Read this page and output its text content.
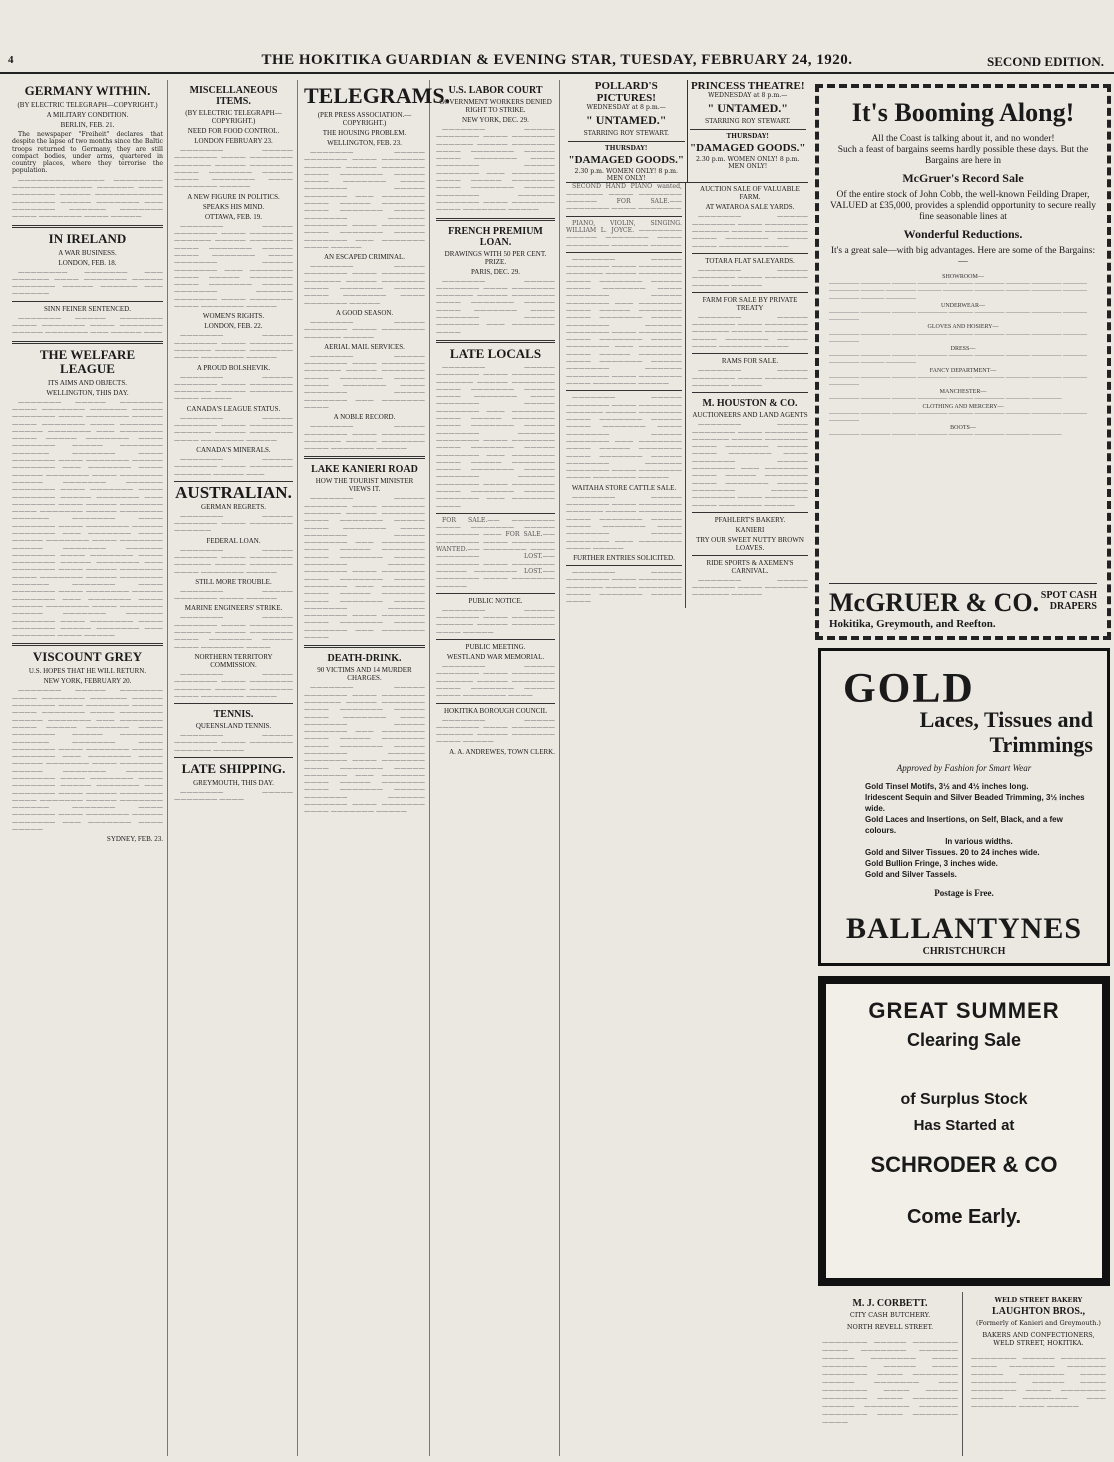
4	THE HOKITIKA GUARDIAN & EVENING STAR, TUESDAY, FEBRUARY 24, 1920.	SECOND EDITION.
GERMANY WITHIN.
(BY ELECTRIC TELEGRAPH—COPYRIGHT.)
A MILITARY CONDITION.
BERLIN, FEB. 21.

The newspaper "Freiheit" declares that despite the lapse of two months since the Baltic troops returned to Germany, they are still compact bodies, under arms, quartered in country places, where they terrorise the population.

—————————————— ———————— ————————————— —————— ———— ——————— ————— ——————————— ——————— ————— ——————— ——— ——————— —————— ——————— ———— ——————— ———— —————

IN IRELAND
A WAR BUSINESS.
LONDON, FEB. 18.

———————— ——————— ——— —————— ———— ——————— ————— ——————— ————— —————— ——— ——————

SINN FEINER SENTENCED.

——————— ————— ——————— ———— ——————— ———— ——————— ————— ——————— ——— ————— ———

THE WELFARE LEAGUE
ITS AIMS AND OBJECTS.
WELLINGTON, THIS DAY.

——————— ————— ——————— ———— ——————— —————— ————— ——————— ———— ——————— ————— ———— ——————— ———— ——————— ————— ——————— ——— ——————— ———— ————— ——————— ———— ——————— ————— ——————— —————— ——————— ———— ——————— ———— ——————— ————— ——————— ——— ——————— ———— ————— ——————— ———— ——————— ————— ——————— —————— ——————— ———— ——————— ———— ——————— ————— ——————— ——— ——————— ———— ————— ——————— ———— ——————— ————— ——————— —————— ——————— ———— ——————— ———— ——————— ————— ——————— ——— ——————— ———— ————— ——————— ———— ——————— ————— ——————— —————— ——————— ———— ——————— ———— ——————— ————— ——————— ——— ——————— ———— ————— ——————— ———— ——————— ————— ——————— —————— ——————— ———— ——————— ———— ——————— ————— ——————— ——— ——————— ———— ————— ——————— ———— ——————— ————— ——————— —————— ——————— ———— ——————— ———— ——————— ————— ——————— ——— ——————— ———— —————

VISCOUNT GREY
U.S. HOPES THAT HE WILL RETURN.
NEW YORK, FEBRUARY 20.

——————— ————— ——————— ———— ——————— —————— ————— ——————— ———— ——————— ————— ———— ——————— ———— ——————— ————— ——————— ——— ——————— ———— ————— ——————— ———— ——————— ————— ——————— —————— ——————— ———— ——————— ———— ——————— ————— ——————— ——— ——————— ———— ————— ——————— ———— ——————— ————— ——————— —————— ——————— ———— ——————— ———— ——————— ————— ——————— ——— ——————— ———— ————— ——————— ———— ——————— ————— ——————— —————— ——————— ———— ——————— ———— ——————— ————— ——————— ——— ——————— ———— —————

SYDNEY, FEB. 23.
MISCELLANEOUS ITEMS.
(BY ELECTRIC TELEGRAPH—COPYRIGHT.)
NEED FOR FOOD CONTROL.
LONDON FEBRUARY 23.

——————— ————— ——————— ———— ——————— —————— ————— ——————— ———— ——————— ————— ———— ——————— ———— ——————— —————

A NEW FIGURE IN POLITICS.
SPEAKS HIS MIND.
OTTAWA, FEB. 19.

——————— ————— ——————— ———— ——————— —————— ————— ——————— ———— ——————— ————— ———— ——————— ———— ——————— ————— ——————— ——— ——————— ———— ————— ——————— ———— ——————— ————— ——————— —————— ——————— ———— ——————— ———— ——————— —————

WOMEN'S RIGHTS.
LONDON, FEB. 22.

——————— ————— ——————— ———— ——————— —————— ————— ——————— ———— ——————— —————

A PROUD BOLSHEVIK.

——————— ————— ——————— ———— ——————— —————— ————— ——————— ———— —————

CANADA'S LEAGUE STATUS.

——————— ————— ——————— ———— ——————— —————— ————— ——————— ———— ——————— —————

CANADA'S MINERALS.

——————— ————— ——————— ———— ——————— —————— ————— ———

AUSTRALIAN.
GERMAN REGRETS.

——————— ————— ——————— ———— ——————— ——————

FEDERAL LOAN.

——————— ————— ——————— ———— ——————— —————— ————— ——————— ———— ——————— —————

STILL MORE TROUBLE.

——————— ————— ——————— ———— —————

MARINE ENGINEERS' STRIKE.

——————— ————— ——————— ———— ——————— —————— ————— ——————— ———— ——————— ————— ———— ——————— ————

NORTHERN TERRITORY COMMISSION.

——————— ————— ——————— ———— ——————— —————— ————— ——————— ———— ——————— —————

TENNIS.
QUEENSLAND TENNIS.

——————— ————— ——————— ———— ——————— —————— —————

LATE SHIPPING.
GREYMOUTH, THIS DAY.

——————— ————— ——————— ————

TELEGRAMS.
(PER PRESS ASSOCIATION.—COPYRIGHT.)
THE HOUSING PROBLEM.
WELLINGTON, FEB. 23.

——————— ————— ——————— ———— ——————— —————— ————— ——————— ———— ——————— ————— ———— ——————— ———— ——————— ————— ——————— ——— ——————— ———— ————— ——————— ———— ——————— ————— ——————— —————— ——————— ———— ——————— ———— ——————— ————— ——————— ——— ——————— ———— —————

AN ESCAPED CRIMINAL.

——————— ————— ——————— ———— ——————— —————— ————— ——————— ———— ——————— ————— ———— ——————— ———— ——————— —————

A GOOD SEASON.

——————— ————— ——————— ———— ——————— —————— —————

AERIAL MAIL SERVICES.

——————— ————— ——————— ———— ——————— —————— ————— ——————— ———— ——————— ————— ———— ——————— ———— ——————— ————— ——————— ——— ——————— ————

A NOBLE RECORD.

——————— ————— ——————— ———— ——————— —————— ————— ——————— ———— ——————— —————

LAKE KANIERI ROAD
HOW THE TOURIST MINISTER VIEWS IT.

——————— ————— ——————— ———— ——————— —————— ————— ——————— ———— ——————— ————— ———— ——————— ———— ——————— ————— ——————— ——— ——————— ———— ————— ——————— ———— ——————— ————— ——————— —————— ——————— ———— ——————— ———— ——————— ————— ——————— ——— ——————— ———— ————— ——————— ———— ——————— ————— ——————— —————— ——————— ———— ——————— ———— ——————— ————— ——————— ——— ——————— ————

DEATH-DRINK.
90 VICTIMS AND 14 MURDER CHARGES.

——————— ————— ——————— ———— ——————— —————— ————— ——————— ———— ——————— ————— ———— ——————— ———— ——————— ————— ——————— ——— ——————— ———— ————— ——————— ———— ——————— ————— ——————— —————— ——————— ———— ——————— ———— ——————— ————— ——————— ——— ——————— ———— ————— ——————— ———— ——————— ————— ——————— —————— ——————— ———— ——————— ———— ——————— —————

U.S. LABOR COURT
GOVERNMENT WORKERS DENIED RIGHT TO STRIKE.
NEW YORK, DEC. 29.

——————— ————— ——————— ———— ——————— —————— ————— ——————— ———— ——————— ————— ———— ——————— ———— ——————— ————— ——————— ——— ——————— ———— ————— ——————— ———— ——————— ————— ——————— —————— ——————— ———— ——————— ———— ——————— —————

FRENCH PREMIUM LOAN.
DRAWINGS WITH 50 PER CENT. PRIZE.
PARIS, DEC. 29.

——————— ————— ——————— ———— ——————— —————— ————— ——————— ———— ——————— ————— ———— ——————— ———— ——————— ————— ——————— ——— ——————— ————

LATE LOCALS

——————— ————— ——————— ———— ——————— —————— ————— ——————— ———— ——————— ————— ———— ——————— ———— ——————— ————— ——————— ——— ——————— ———— ————— ——————— ———— ——————— ————— ——————— —————— ——————— ———— ——————— ———— ——————— ————— ——————— ——— ——————— ———— ————— ——————— ———— ——————— ————— ——————— —————— ——————— ———— ——————— ———— ——————— ————— ——————— ——— ——————— ————

FOR SALE.—— ——————— ———— ——————— ————— ——————— ——— FOR SALE.—— ——————— ———— ——————— WANTED.—— ——————— ———— ——————— LOST.—— ——————— ———— ——————— ————— ——————— LOST.—— ——————— ———— ——————— —————

PUBLIC NOTICE.

——————— ————— ——————— ———— ——————— —————— ————— ——————— ———— —————

PUBLIC MEETING.
WESTLAND WAR MEMORIAL.

——————— ————— ——————— ———— ——————— —————— ————— ——————— ———— ——————— ————— ———— ——————— ————

HOKITIKA BOROUGH COUNCIL

——————— ————— ——————— ———— ——————— —————— ————— ——————— ———— —————

A. A. ANDREWES, TOWN CLERK.
POLLARD'S PICTURES!
WEDNESDAY at 8 p.m.—
" UNTAMED."
STARRING ROY STEWART.
THURSDAY!
"DAMAGED GOODS."
2.30 p.m. WOMEN ONLY! 8 p.m. MEN ONLY!
PRINCESS THEATRE!
WEDNESDAY at 8 p.m.—
" UNTAMED."
STARRING ROY STEWART.
THURSDAY!
"DAMAGED GOODS."
2.30 p.m. WOMEN ONLY! 8 p.m. MEN ONLY!

SECOND HAND PIANO wanted, —————— ———— ——————— ————— FOR SALE.—— ——————— ———— ———————

PIANO, VIOLIN, SINGING. WILLIAM L. JOYCE. ——————— ————— ——————— ———— ——————— —————— —————

——————— ————— ——————— ———— ——————— —————— ————— ——————— ———— ——————— ————— ———— ——————— ———— ——————— ————— ——————— ——— ——————— ———— ————— ——————— ———— ——————— ————— ——————— —————— ——————— ———— ——————— ———— ——————— ————— ——————— ——— ——————— ———— ————— ——————— ———— ——————— ————— ——————— —————— ——————— ———— ——————— ———— ——————— —————

——————— ————— ——————— ———— ——————— —————— ————— ——————— ———— ——————— ————— ———— ——————— ———— ——————— ————— ——————— ——— ——————— ———— ————— ——————— ———— ——————— ————— ——————— —————— ——————— ———— ——————— ———— ——————— —————

WAITAHA STORE CATTLE SALE.

——————— ————— ——————— ———— ——————— —————— ————— ——————— ———— ——————— ————— ———— ——————— ———— ——————— ————— ——————— ——— ——————— ———— —————

FURTHER ENTRIES SOLICITED.

——————— ————— ——————— ———— ——————— —————— ————— ——————— ———— ——————— ————— ————

AUCTION SALE OF VALUABLE FARM.
AT WATAROA SALE YARDS.

——————— ————— ——————— ———— ——————— —————— ————— ——————— ———— ——————— ————— ———— ——————— ————

TOTARA FLAT SALEYARDS.

——————— ————— ——————— ———— ——————— —————— —————

FARM FOR SALE BY PRIVATE TREATY

——————— ————— ——————— ———— ——————— —————— ————— ——————— ———— ——————— ————— ———— ——————— ————

RAMS FOR SALE.

——————— ————— ——————— ———— ——————— —————— —————

M. HOUSTON & CO.
AUCTIONEERS AND LAND AGENTS

——————— ————— ——————— ———— ——————— —————— ————— ——————— ———— ——————— ————— ———— ——————— ———— ——————— ————— ——————— ——— ——————— ———— ————— ——————— ———— ——————— ————— ——————— —————— ——————— ———— ——————— ———— ——————— —————

PFAHLERT'S BAKERY.
KANIERI
TRY OUR SWEET NUTTY BROWN LOAVES.
RIDE SPORTS & AXEMEN'S CARNIVAL.

——————— ————— ——————— ———— ——————— —————— —————

It's Booming Along!
All the Coast is talking about it, and no wonder!
Such a feast of bargains seems hardly possible these days. But the Bargains are here in
McGruer's Record Sale
Of the entire stock of John Cobb, the well-known Feilding Draper, VALUED at £35,000, provides a splendid opportunity to secure really fine seasonable lines at
Wonderful Reductions.
It's a great sale—with big advantages. Here are some of the Bargains:—
SHOWROOM—
————— ————— ———— ————— ———— ————— ———— ————— ———— ————— ———— ————— ———— ————— ————— ———— ————— ———— ————— ———— —————
UNDERWEAR—
————— ————— ———— ————— ———— ————— ———— ————— ———— —————
GLOVES AND HOSIERY—
————— ————— ———— ————— ———— ————— ———— ————— ———— —————
DRESS—
————— ————— ———— ————— ———— ————— ———— ————— ———— ————— ———— —————
FANCY DEPARTMENT—
————— ————— ———— ————— ———— ————— ———— ————— ———— —————
MANCHESTER—
————— ————— ———— ————— ———— ————— ———— —————
CLOTHING AND MERCERY—
————— ————— ———— ————— ———— ————— ———— ————— ———— —————
BOOTS—
————— ————— ———— ————— ———— ————— ———— —————
McGRUER & CO. SPOT CASH DRAPERS
Hokitika, Greymouth, and Reefton.
GOLD
Laces, Tissues and Trimmings
Approved by Fashion for Smart Wear
Gold Tinsel Motifs, 3½ and 4½ inches long.
Iridescent Sequin and Silver Beaded Trimming, 3½ inches wide.
Gold Laces and Insertions, on Self, Black, and a few colours.
In various widths.
Gold and Silver Tissues. 20 to 24 inches wide.
Gold Bullion Fringe, 3 inches wide.
Gold and Silver Tassels.
Postage is Free.
BALLANTYNES
CHRISTCHURCH
GREAT SUMMER
Clearing Sale
of Surplus Stock
Has Started at
SCHRODER & CO
Come Early.
M. J. CORBETT.
CITY CASH BUTCHERY.
NORTH REVELL STREET.

——————— ————— ——————— ———— ——————— —————— ————— ——————— ———— ——————— ————— ———— ——————— ———— ——————— ————— ——————— ——— ——————— ———— ————— ——————— ———— ——————— ————— ——————— —————— ——————— ———— ——————— ————

WELD STREET BAKERY
LAUGHTON BROS.,
(Formerly of Kanieri and Greymouth.)
BAKERS AND CONFECTIONERS,
WELD STREET, HOKITIKA.

——————— ————— ——————— ———— ——————— —————— ————— ——————— ———— ——————— ————— ———— ——————— ———— ——————— ————— ——————— ——— ——————— ———— —————
